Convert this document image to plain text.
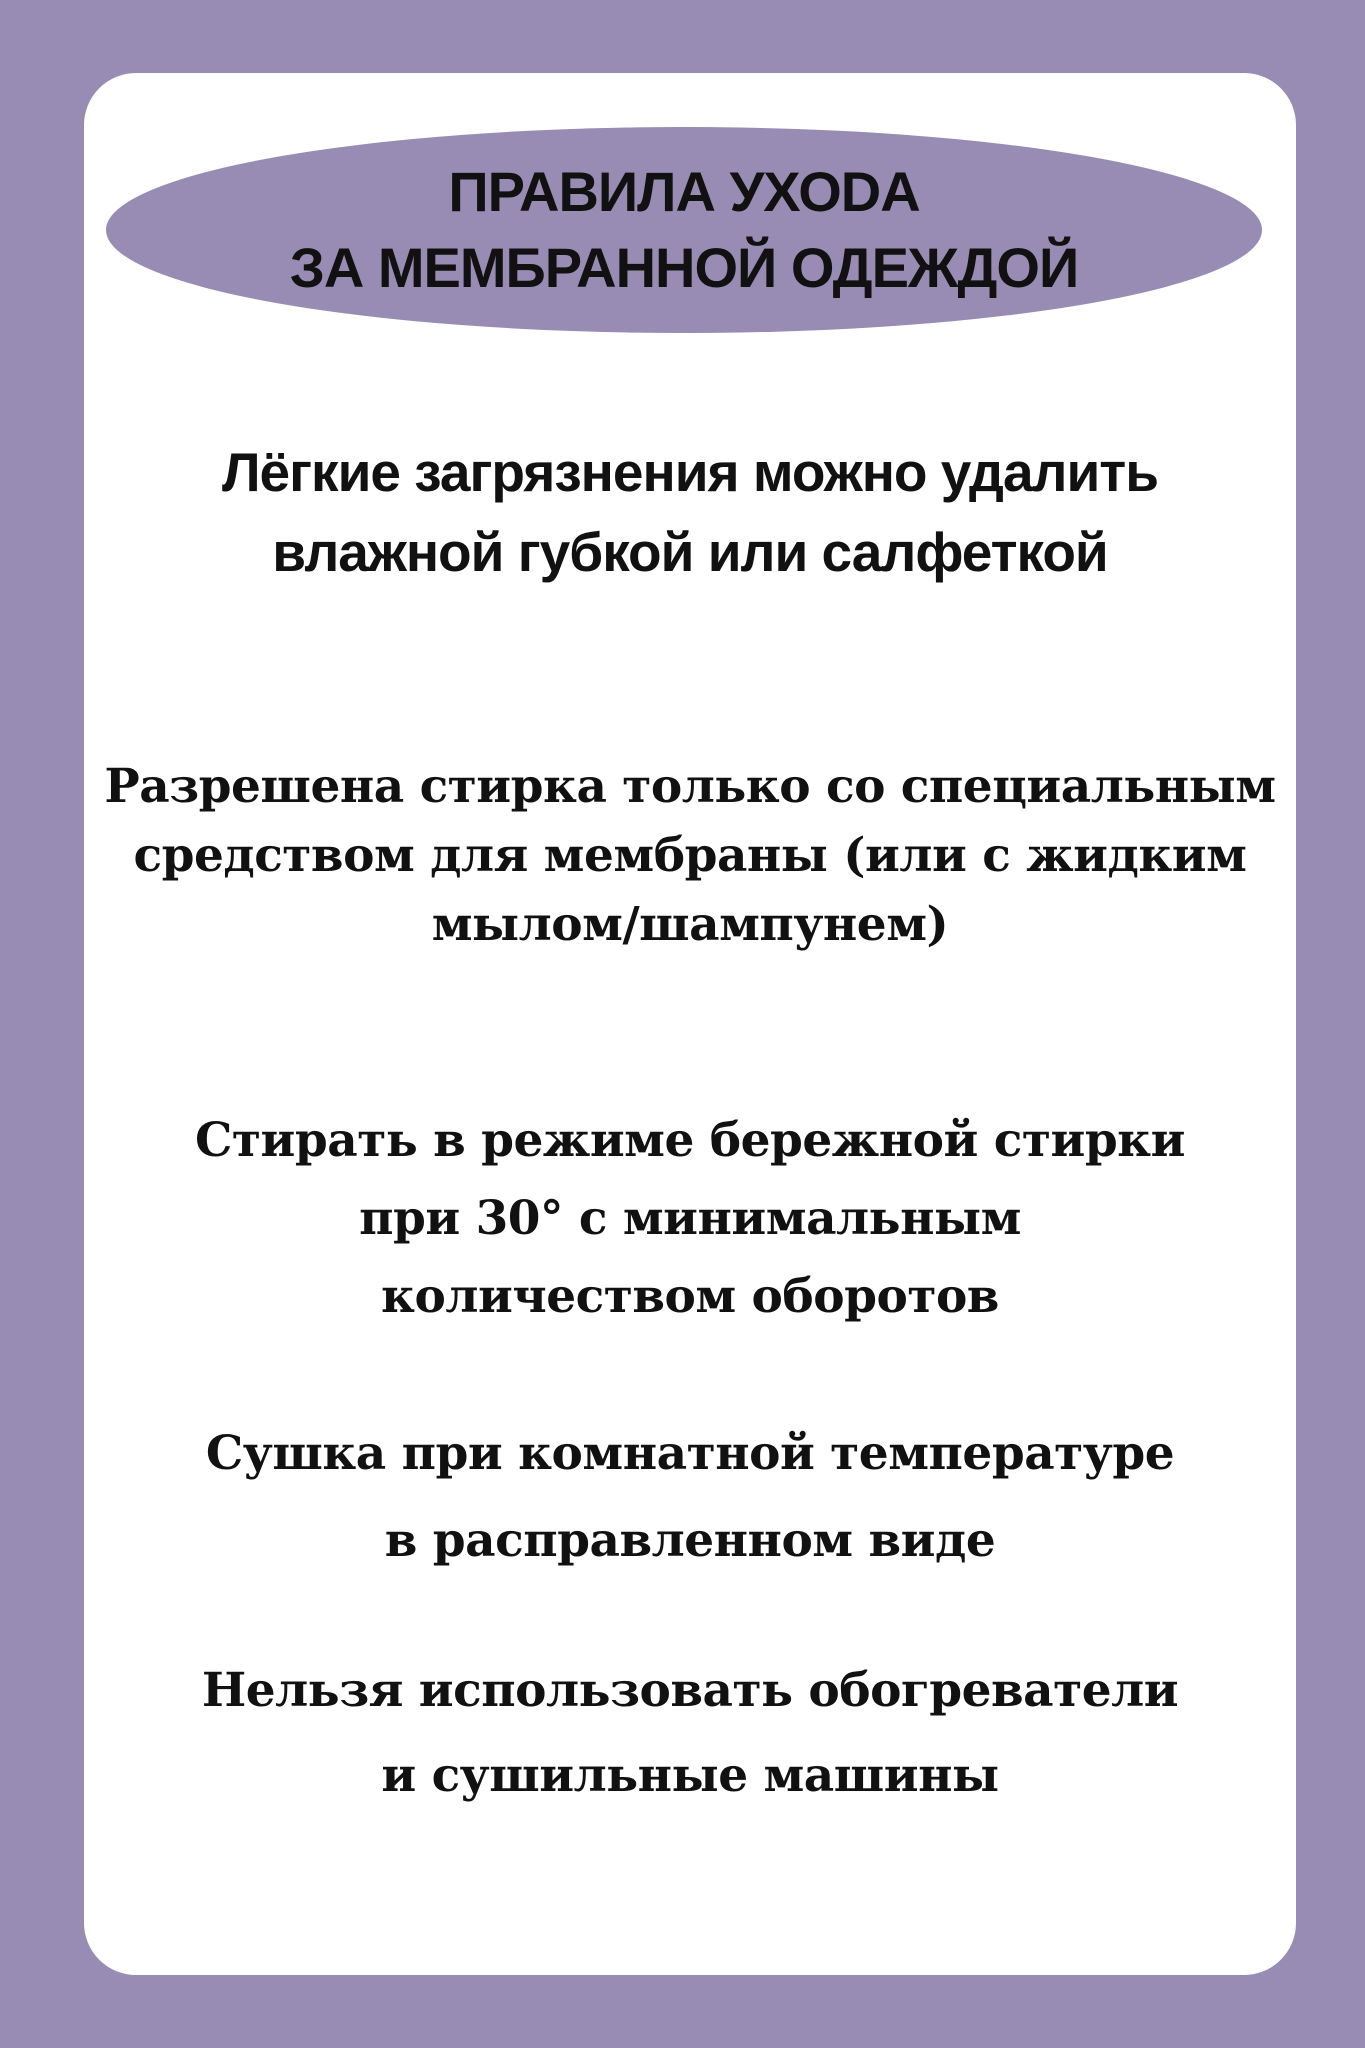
ПРАВИЛА УХОDА
ЗА МЕМБРАННОЙ ОДЕЖДОЙ
Лёгкие загрязнения можно удалить
влажной губкой или салфеткой
Разрешена стирка только со специальным
средством для мембраны (или с жидким
мылом/шампунем)
Стирать в режиме бережной стирки
при 30° с минимальным
количеством оборотов
Сушка при комнатной температуре
в расправленном виде
Нельзя использовать обогреватели
и сушильные машины
